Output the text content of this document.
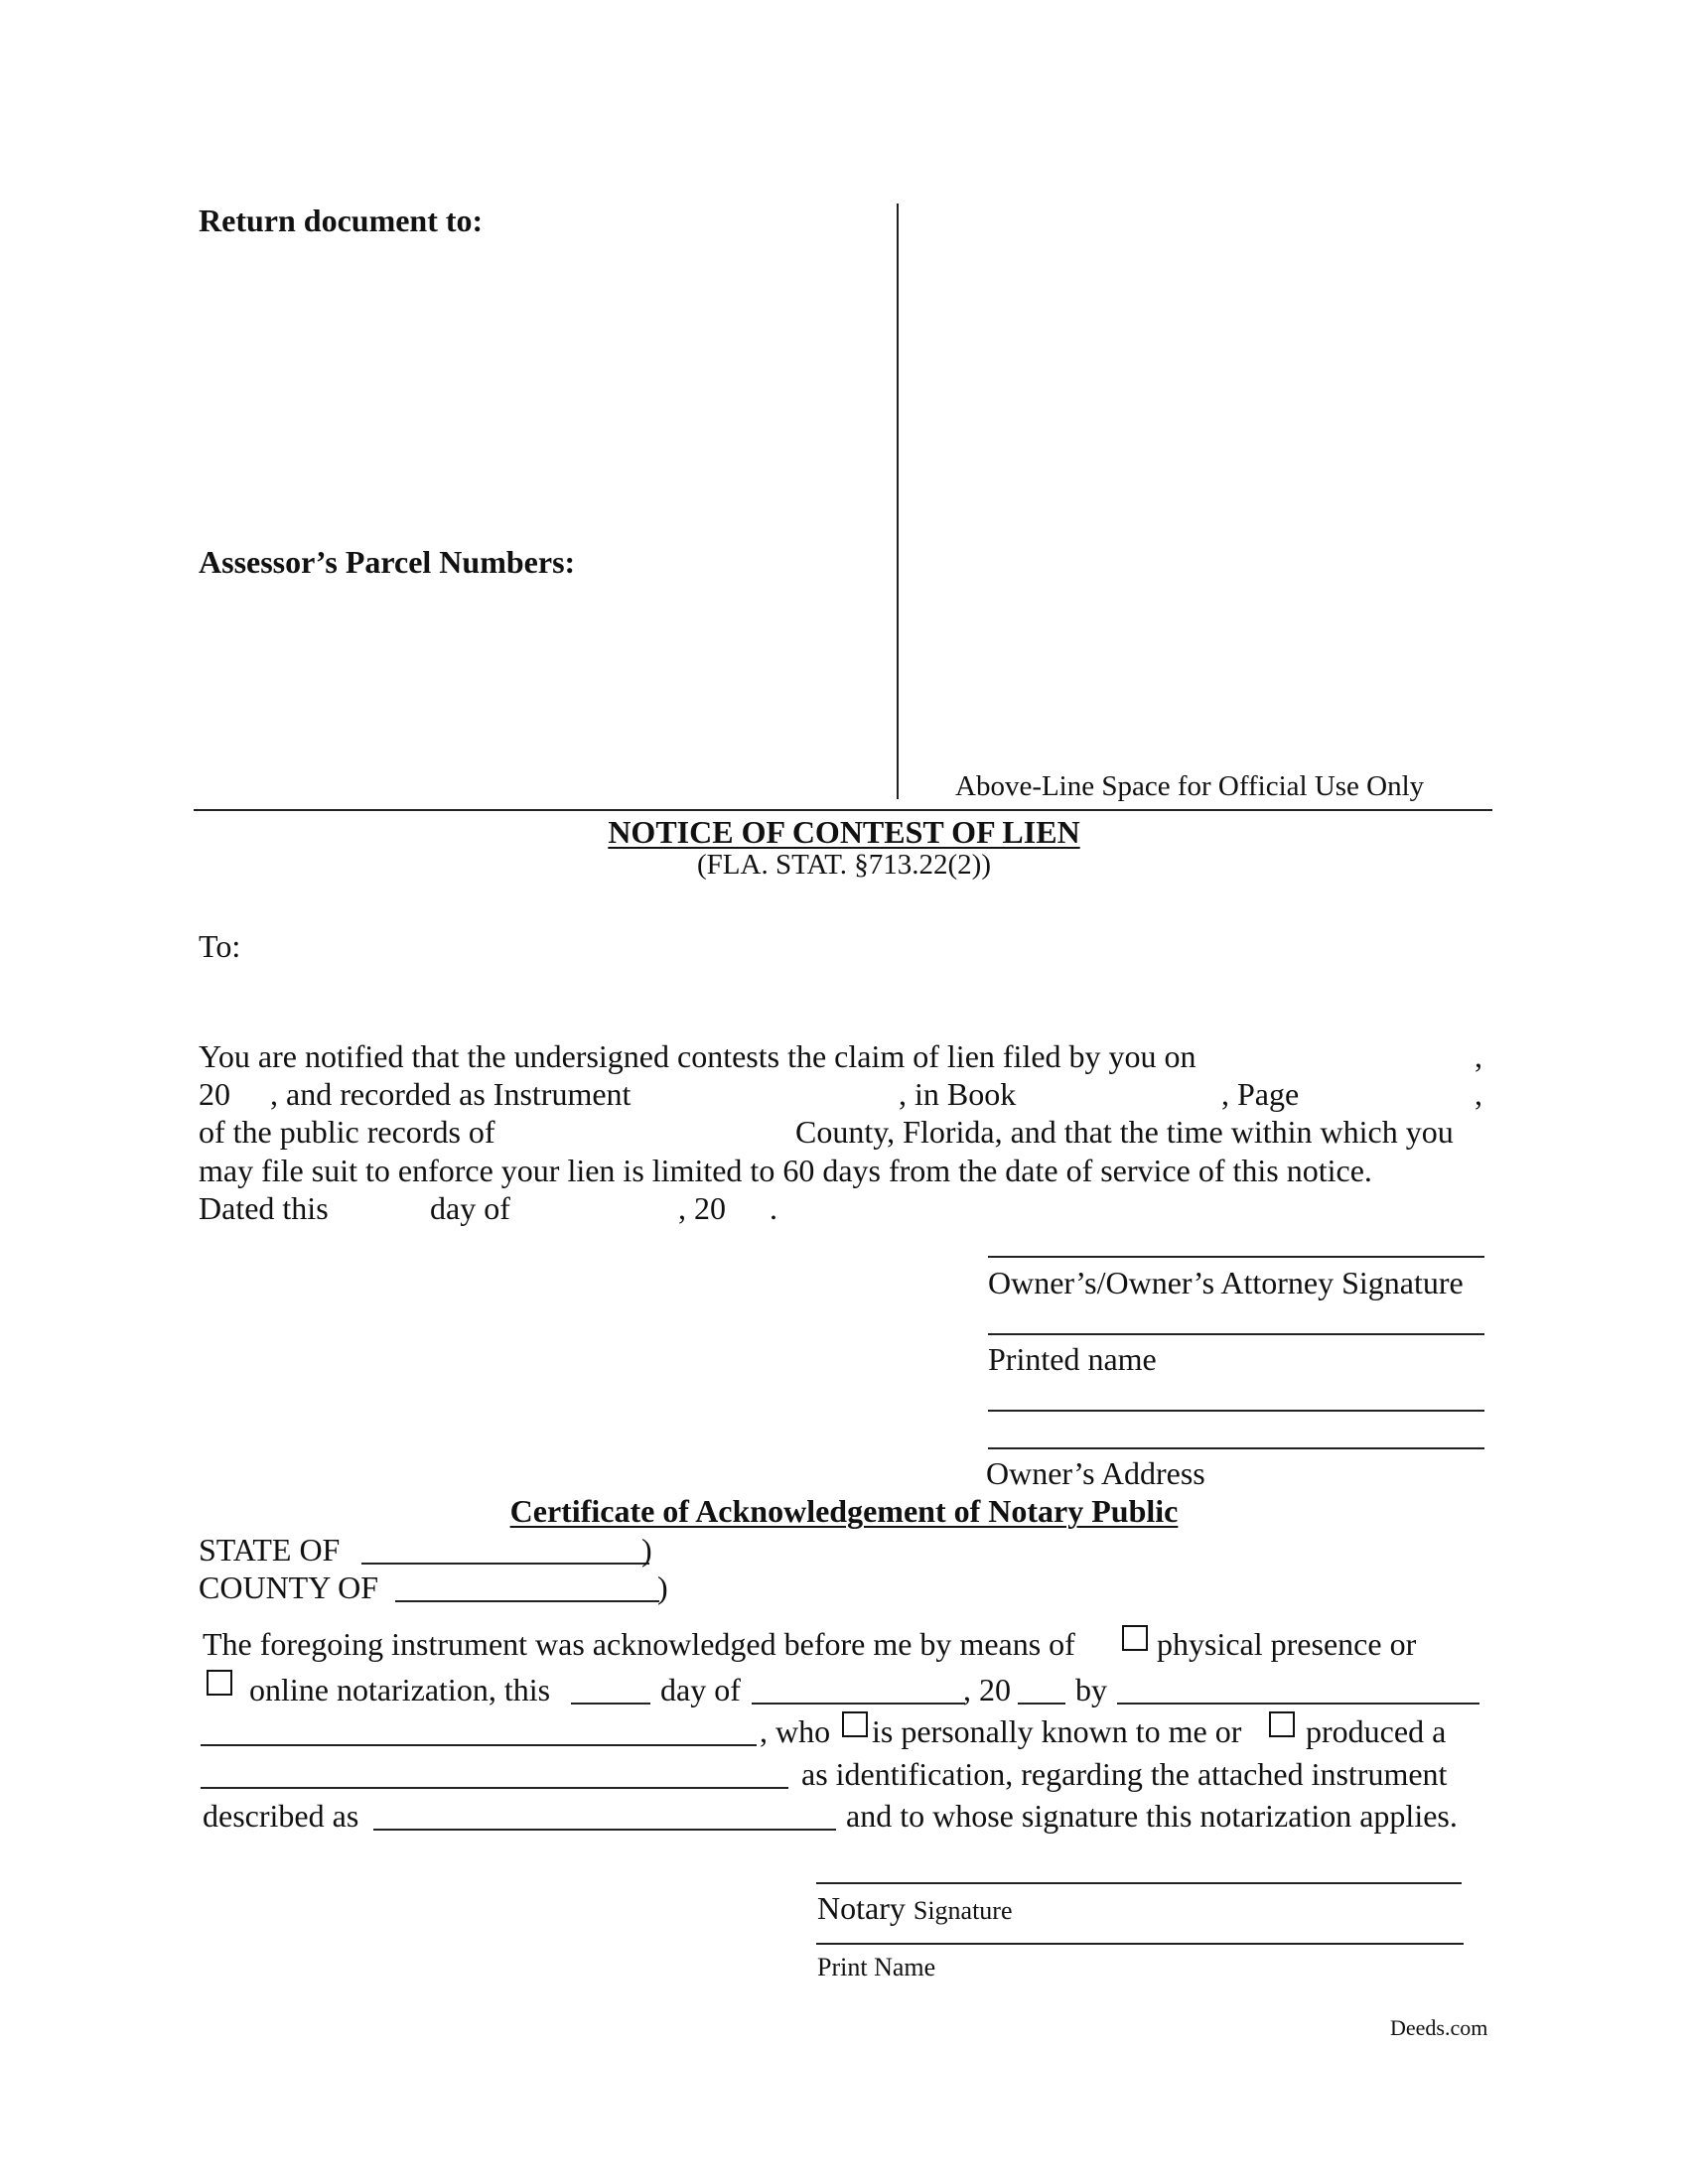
Return document to:
Assessor’s Parcel Numbers:
Above-Line Space for Official Use Only
NOTICE OF CONTEST OF LIEN
(FLA. STAT. §713.22(2))
To:
You are notified that the undersigned contests the claim of lien filed by you on	,
20 , and recorded as Instrument	, in Book	, Page	,
of the public records of	County, Florida, and that the time within which you
may file suit to enforce your lien is limited to 60 days from the date of service of this notice.
Dated this	day of	, 20 .
Owner’s/Owner’s Attorney Signature
Printed name
Owner’s Address
Certificate of Acknowledgement of Notary Public
STATE OF	)
COUNTY OF	)
The foregoing instrument was acknowledged before me by means of	physical presence or
online notarization, this	day of	, 20 by
, who is personally known to me or produced a
as identification, regarding the attached instrument
described as	and to whose signature this notarization applies.
Notary Signature
Print Name
Deeds.com
